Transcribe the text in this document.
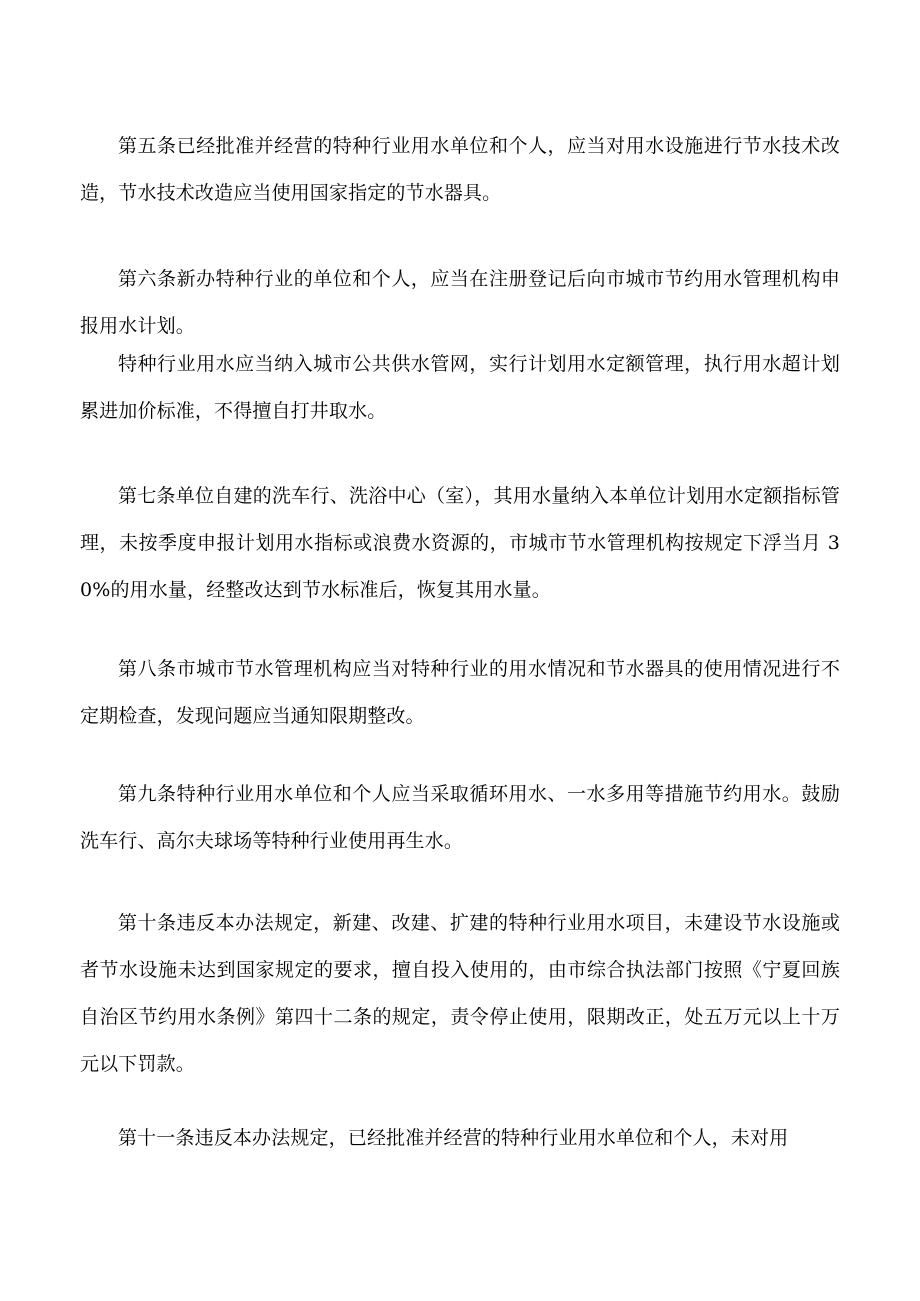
第五条已经批准并经营的特种行业用水单位和个人，应当对用水设施进行节水技术改造，节水技术改造应当使用国家指定的节水器具。

第六条新办特种行业的单位和个人，应当在注册登记后向市城市节约用水管理机构申报用水计划。

特种行业用水应当纳入城市公共供水管网，实行计划用水定额管理，执行用水超计划累进加价标准，不得擅自打井取水。

第七条单位自建的洗车行、洗浴中心（室），其用水量纳入本单位计划用水定额指标管理，未按季度申报计划用水指标或浪费水资源的，市城市节水管理机构按规定下浮当月 30%的用水量，经整改达到节水标准后，恢复其用水量。

第八条市城市节水管理机构应当对特种行业的用水情况和节水器具的使用情况进行不定期检查，发现问题应当通知限期整改。

第九条特种行业用水单位和个人应当采取循环用水、一水多用等措施节约用水。鼓励洗车行、高尔夫球场等特种行业使用再生水。

第十条违反本办法规定，新建、改建、扩建的特种行业用水项目，未建设节水设施或者节水设施未达到国家规定的要求，擅自投入使用的，由市综合执法部门按照《宁夏回族自治区节约用水条例》第四十二条的规定，责令停止使用，限期改正，处五万元以上十万元以下罚款。

第十一条违反本办法规定，已经批准并经营的特种行业用水单位和个人，未对用
